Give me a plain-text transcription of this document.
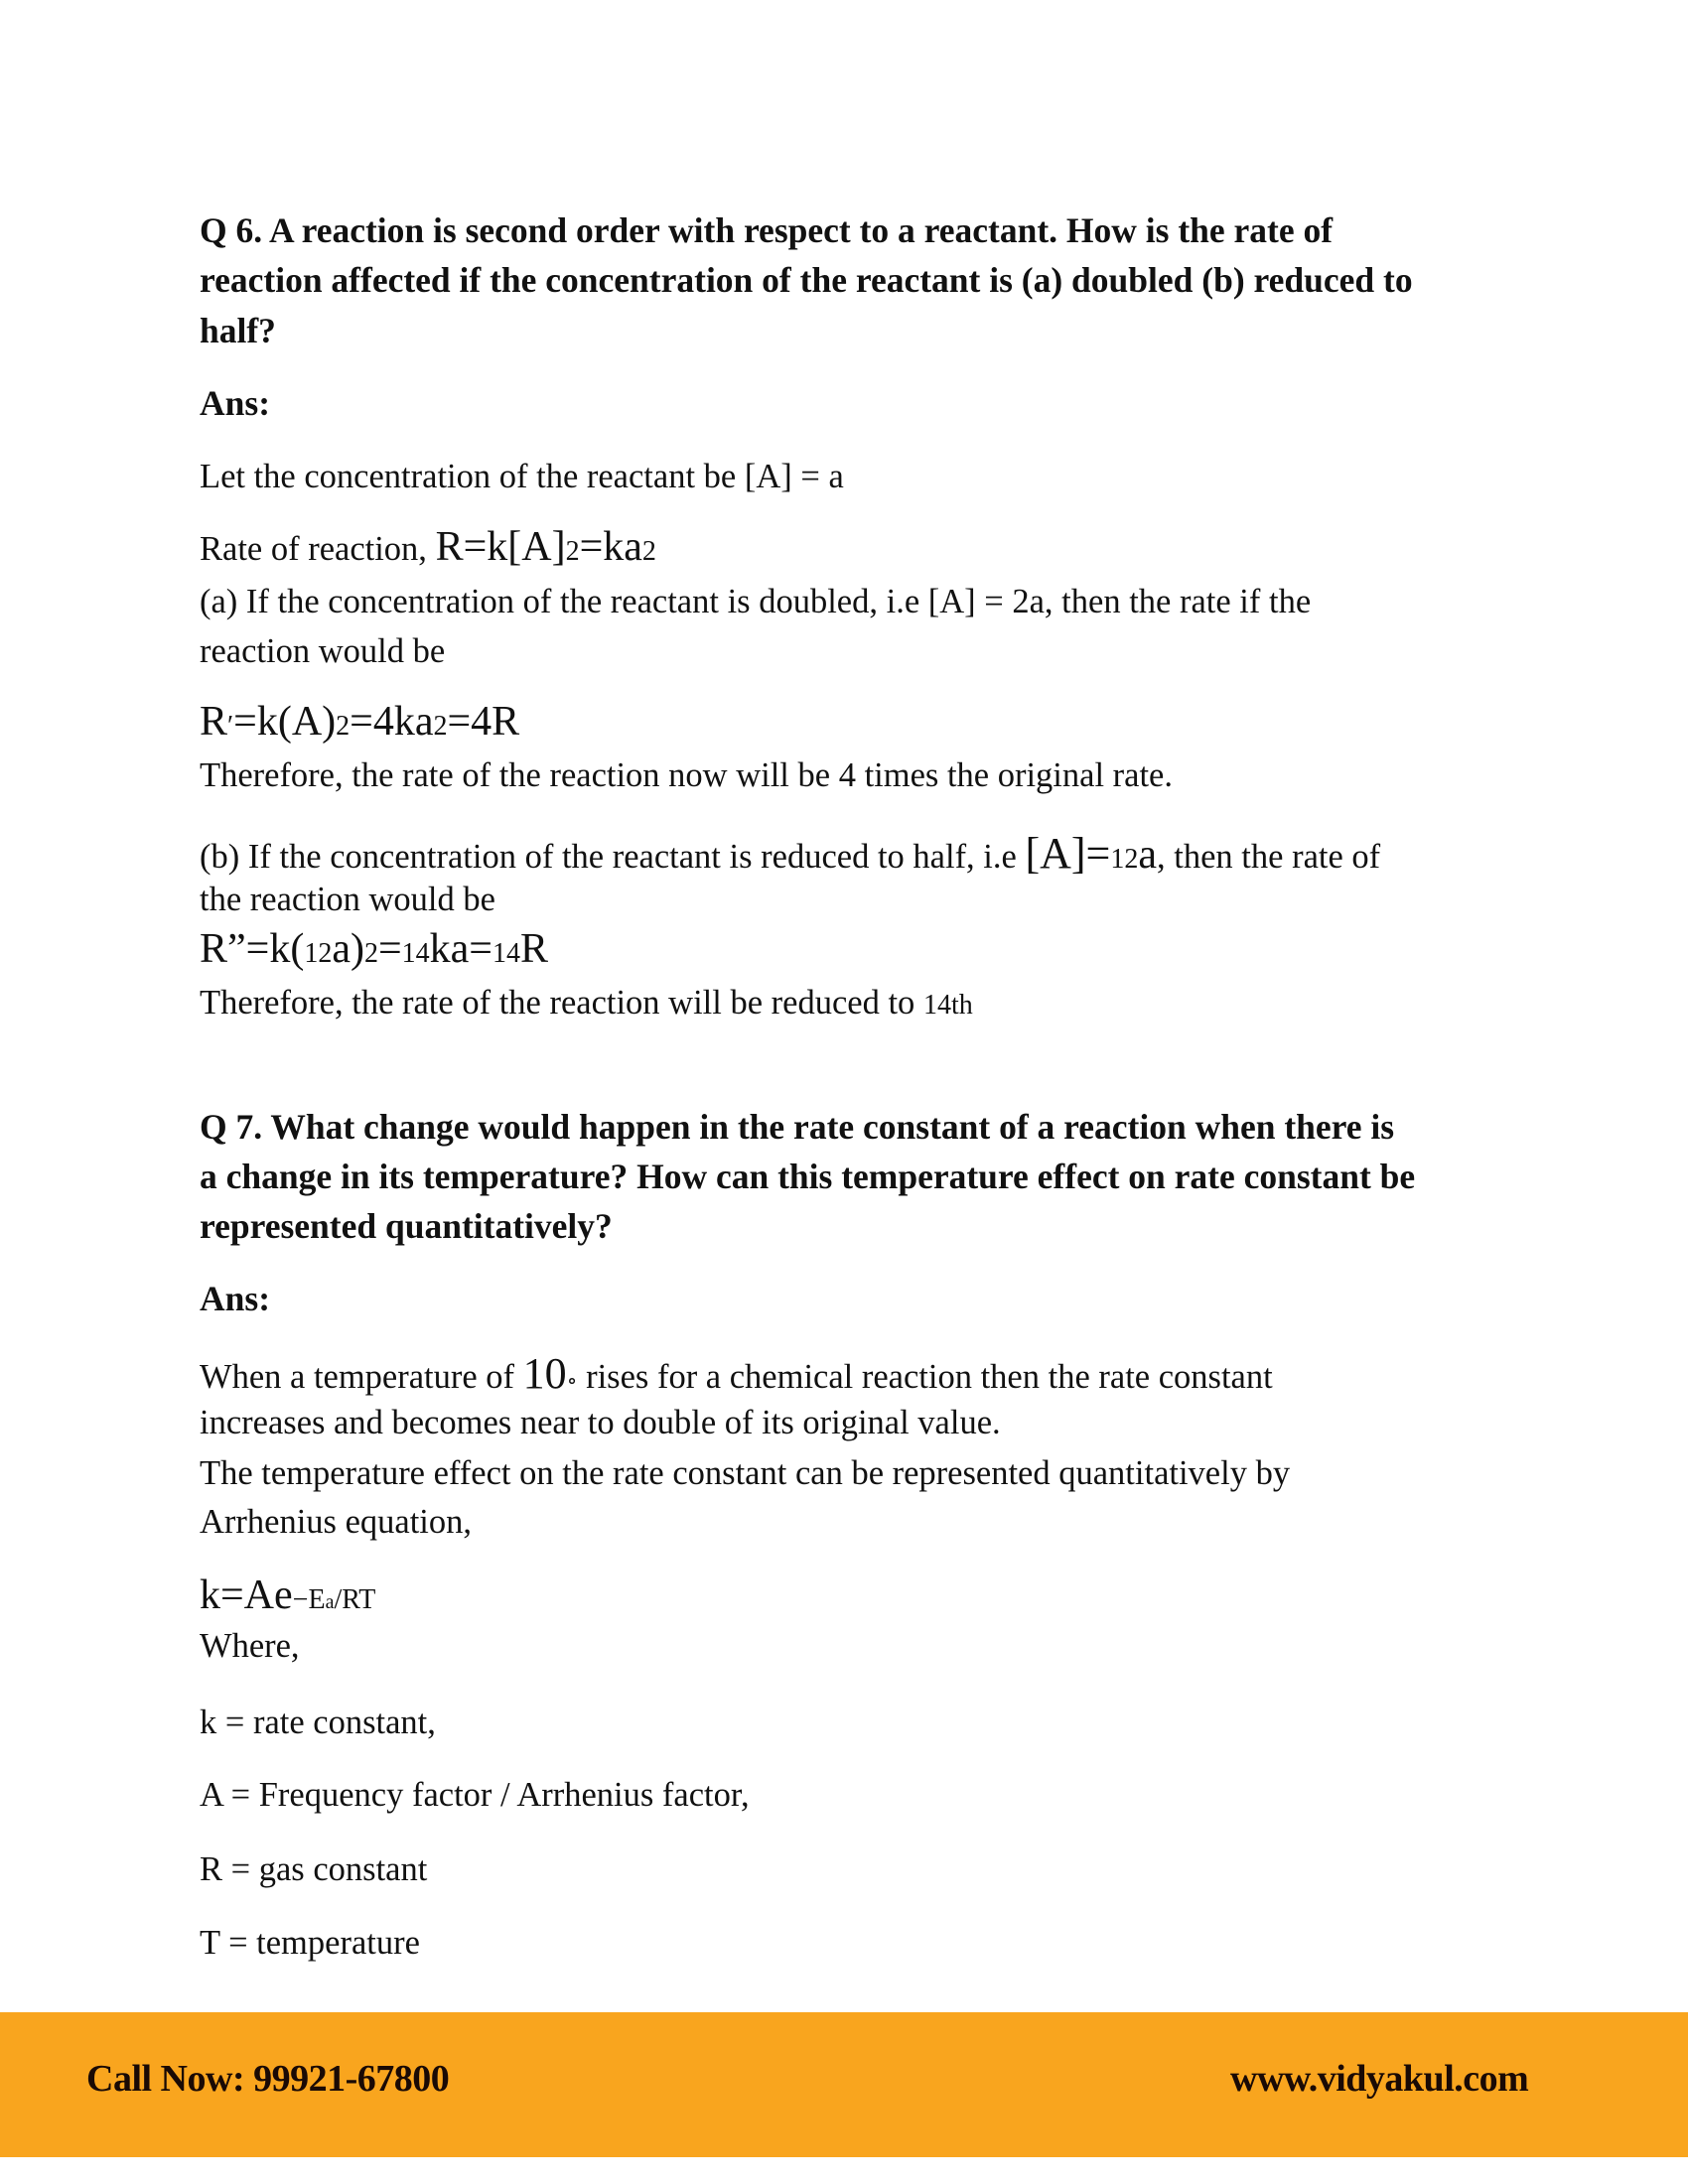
Q 6. A reaction is second order with respect to a reactant. How is the rate of

reaction affected if the concentration of the reactant is (a) doubled (b) reduced to

half?

Ans:

Let the concentration of the reactant be [A] = a

Rate of reaction, R=k[A]2=ka2

(a) If the concentration of the reactant is doubled, i.e [A] = 2a, then the rate if the

reaction would be

R′=k(A)2=4ka2=4R

Therefore, the rate of the reaction now will be 4 times the original rate.

(b) If the concentration of the reactant is reduced to half, i.e [A]=12a, then the rate of

the reaction would be

R”=k(12a)2=14ka=14R

Therefore, the rate of the reaction will be reduced to 14th

Q 7. What change would happen in the rate constant of a reaction when there is

a change in its temperature? How can this temperature effect on rate constant be

represented quantitatively?

Ans:

When a temperature of 10∘ rises for a chemical reaction then the rate constant

increases and becomes near to double of its original value.

The temperature effect on the rate constant can be represented quantitatively by

Arrhenius equation,

k=Ae−Ea/RT

Where,

k = rate constant,

A = Frequency factor / Arrhenius factor,

R = gas constant

T = temperature

Call Now: 99921-67800	www.vidyakul.com
